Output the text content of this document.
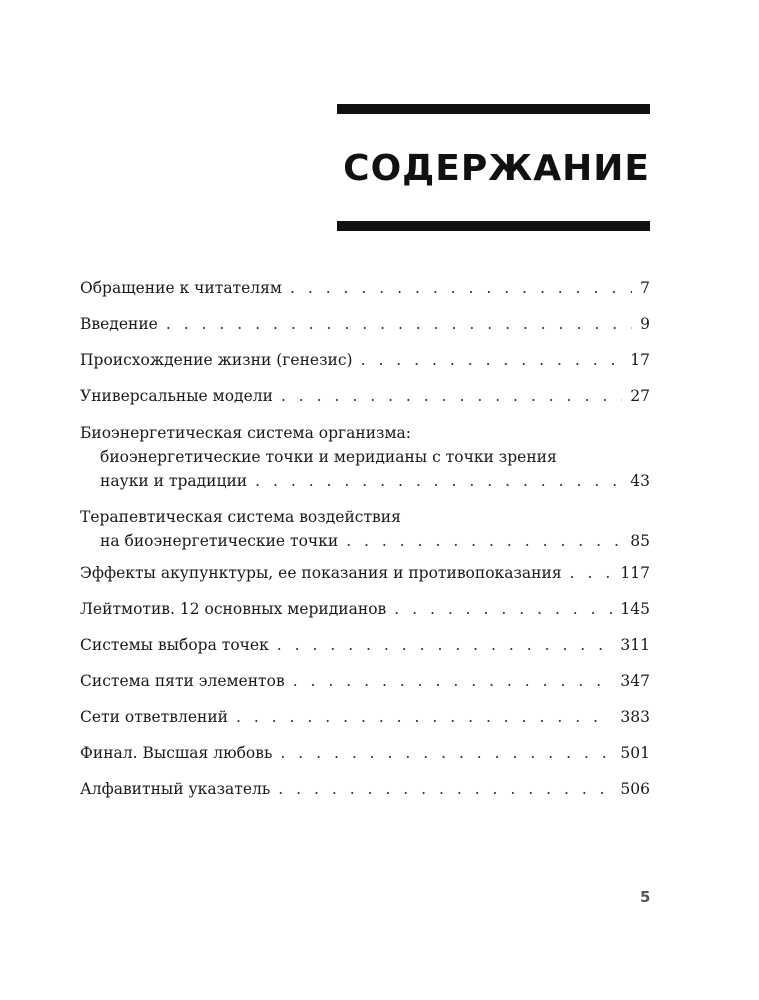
СОДЕРЖАНИЕ
Обращение к читателям . . .	7
Введение . . .	9
Происхождение жизни (генезис) . . .	17
Универсальные модели . . .	27
Биоэнергетическая система организма:
биоэнергетические точки и меридианы с точки зрения
науки и традиции . . .	43
Терапевтическая система воздействия
на биоэнергетические точки . . .	85
Эффекты акупунктуры, ее показания и противопоказания . . .	117
Лейтмотив. 12 основных меридианов . . .	145
Системы выбора точек . . .	311
Система пяти элементов . . .	347
Сети ответвлений . . .	383
Финал. Высшая любовь . . .	501
Алфавитный указатель . . .	506
5
